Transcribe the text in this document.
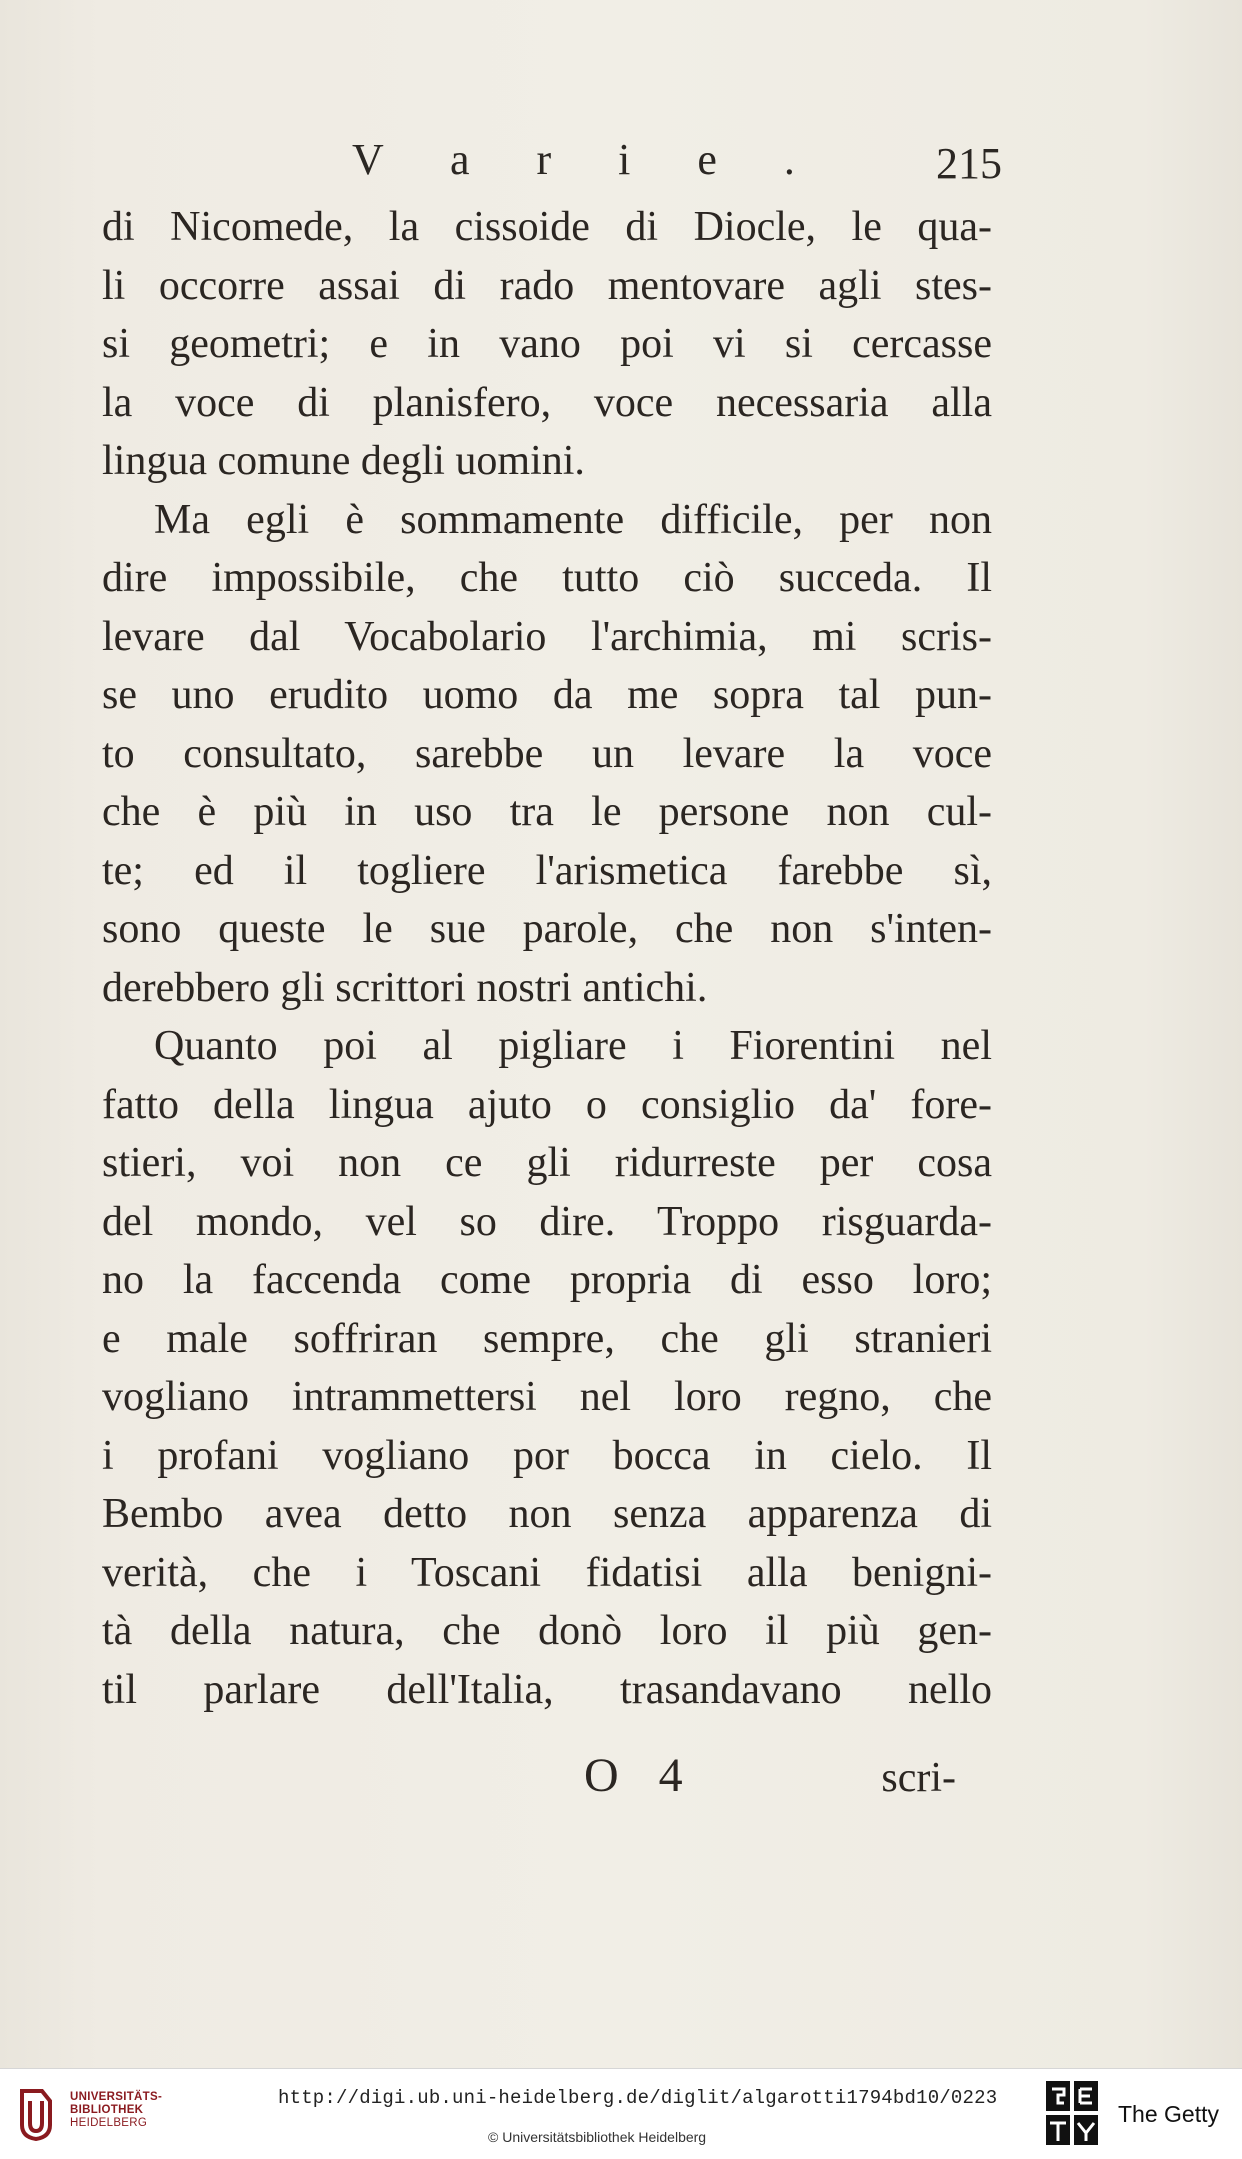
V a r i e .	215
di Nicomede, la cissoide di Diocle, le qua-
li occorre assai di rado mentovare agli stes-
si geometri; e in vano poi vi si cercasse
la voce di planisfero, voce necessaria alla
lingua comune degli uomini.
Ma egli è sommamente difficile, per non
dire impossibile, che tutto ciò succeda. Il
levare dal Vocabolario l'archimia, mi scris-
se uno erudito uomo da me sopra tal pun-
to consultato, sarebbe un levare la voce
che è più in uso tra le persone non cul-
te; ed il togliere l'arismetica farebbe sì,
sono queste le sue parole, che non s'inten-
derebbero gli scrittori nostri antichi.
Quanto poi al pigliare i Fiorentini nel
fatto della lingua ajuto o consiglio da' fore-
stieri, voi non ce gli ridurreste per cosa
del mondo, vel so dire. Troppo risguarda-
no la faccenda come propria di esso loro;
e male soffriran sempre, che gli stranieri
vogliano intrammettersi nel loro regno, che
i profani vogliano por bocca in cielo. Il
Bembo avea detto non senza apparenza di
verità, che i Toscani fidatisi alla benigni-
tà della natura, che donò loro il più gen-
til parlare dell'Italia, trasandavano nello
O 4	scri-
UNIVERSITÄTS-
BIBLIOTHEK
HEIDELBERG
http://digi.ub.uni-heidelberg.de/diglit/algarotti1794bd10/0223
© Universitätsbibliothek Heidelberg
The Getty
